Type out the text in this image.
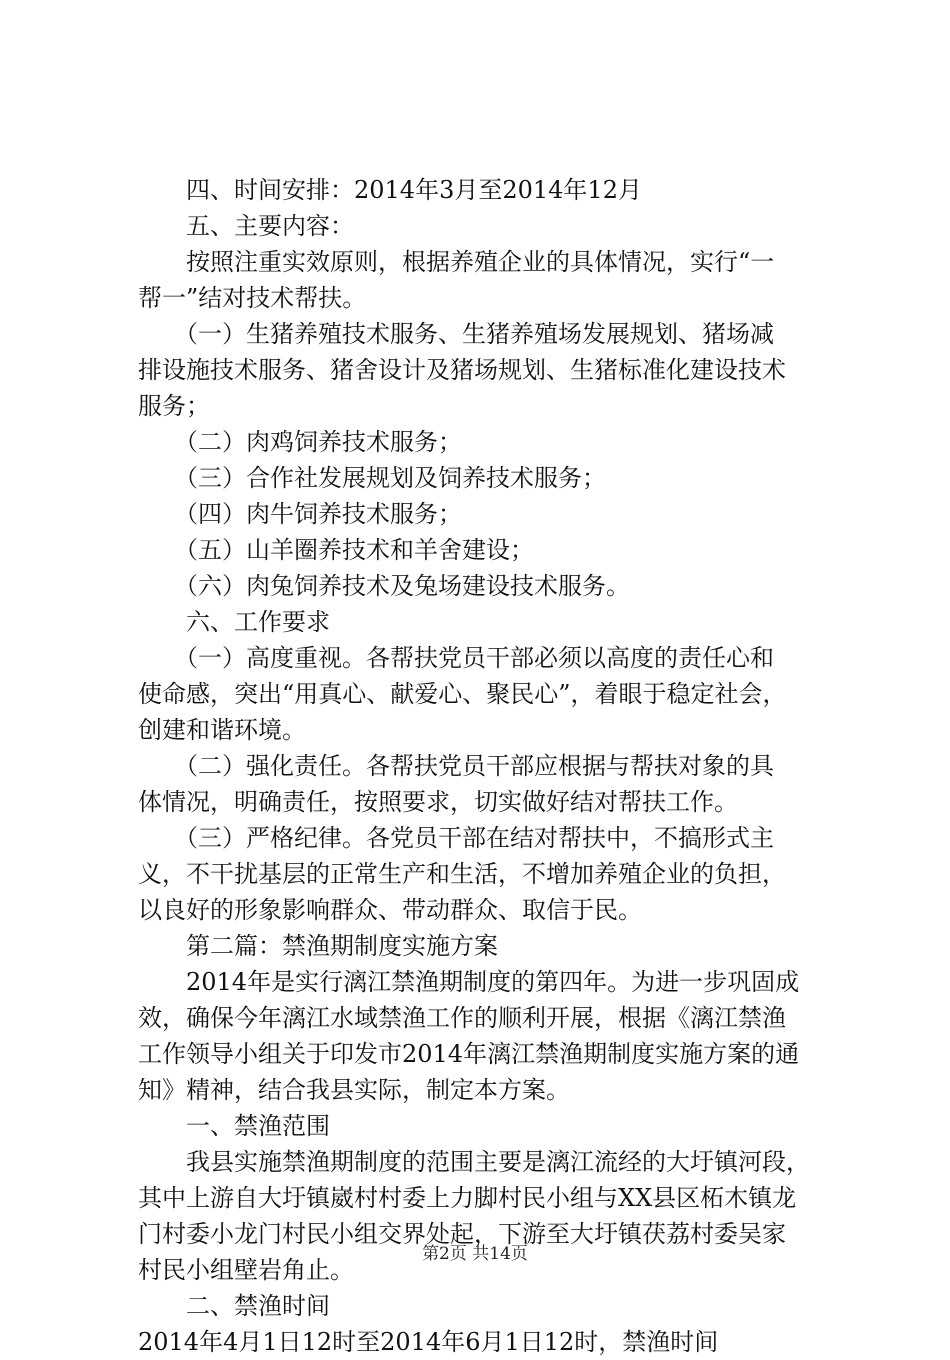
　　四、时间安排：2014年3月至2014年12月
　　五、主要内容：
　　按照注重实效原则，根据养殖企业的具体情况，实行“一
帮一”结对技术帮扶。
　　（一）生猪养殖技术服务、生猪养殖场发展规划、猪场减
排设施技术服务、猪舍设计及猪场规划、生猪标准化建设技术
服务；
　　（二）肉鸡饲养技术服务；
　　（三）合作社发展规划及饲养技术服务；
　　（四）肉牛饲养技术服务；
　　（五）山羊圈养技术和羊舍建设；
　　（六）肉兔饲养技术及兔场建设技术服务。
　　六、工作要求
　　（一）高度重视。各帮扶党员干部必须以高度的责任心和
使命感，突出“用真心、献爱心、聚民心”，着眼于稳定社会，
创建和谐环境。
　　（二）强化责任。各帮扶党员干部应根据与帮扶对象的具
体情况，明确责任，按照要求，切实做好结对帮扶工作。
　　（三）严格纪律。各党员干部在结对帮扶中，不搞形式主
义，不干扰基层的正常生产和生活，不增加养殖企业的负担，
以良好的形象影响群众、带动群众、取信于民。
　　第二篇：禁渔期制度实施方案
　　2014年是实行漓江禁渔期制度的第四年。为进一步巩固成
效，确保今年漓江水域禁渔工作的顺利开展，根据《漓江禁渔
工作领导小组关于印发市2014年漓江禁渔期制度实施方案的通
知》精神，结合我县实际，制定本方案。
　　一、禁渔范围
　　我县实施禁渔期制度的范围主要是漓江流经的大圩镇河段，
其中上游自大圩镇崴村村委上力脚村民小组与XX县区柘木镇龙
门村委小龙门村民小组交界处起，下游至大圩镇茯荔村委吴家
村民小组壁岩角止。
　　二、禁渔时间
2014年4月1日12时至2014年6月1日12时，禁渔时间
第2页 共14页
